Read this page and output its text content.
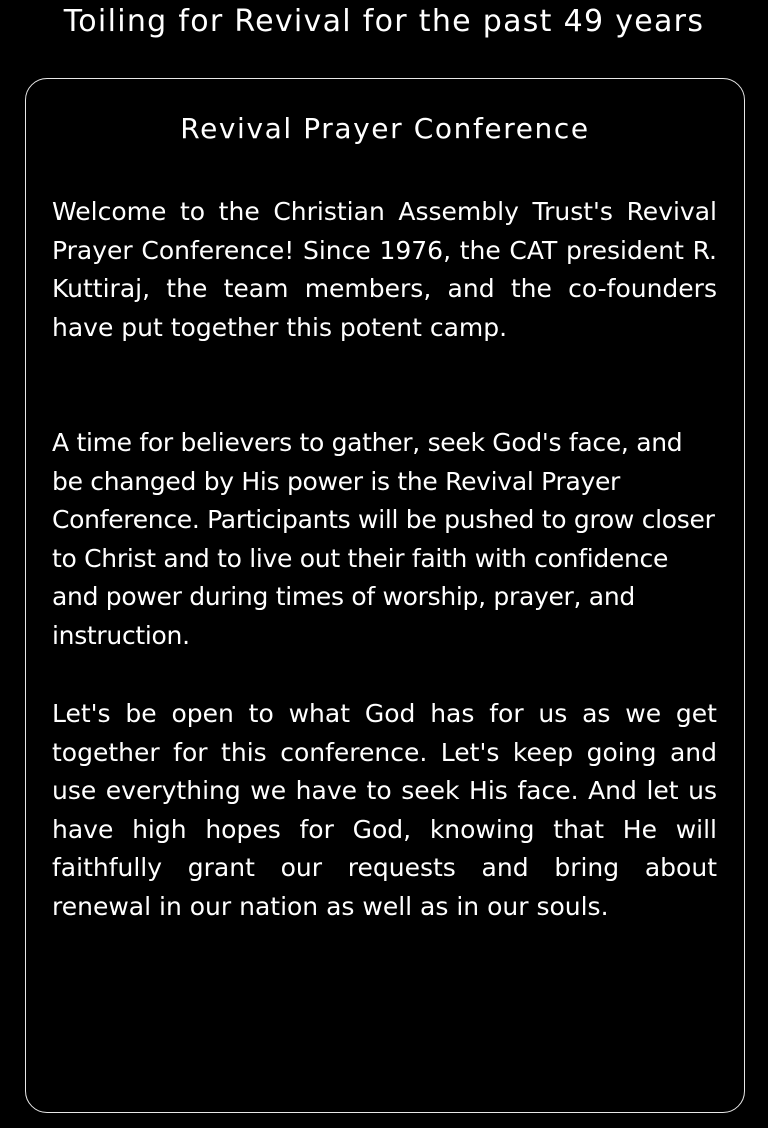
Toiling for Revival for the past 49 years
Revival Prayer Conference

Welcome to the Christian Assembly Trust's Revival Prayer Conference! Since 1976, the CAT president R. Kuttiraj, the team members, and the co-founders have put together this potent camp.

A time for believers to gather, seek God's face, and be changed by His power is the Revival Prayer Conference. Participants will be pushed to grow closer to Christ and to live out their faith with confidence and power during times of worship, prayer, and instruction.

Let's be open to what God has for us as we get together for this conference. Let's keep going and use everything we have to seek His face. And let us have high hopes for God, knowing that He will faithfully grant our requests and bring about renewal in our nation as well as in our souls.
